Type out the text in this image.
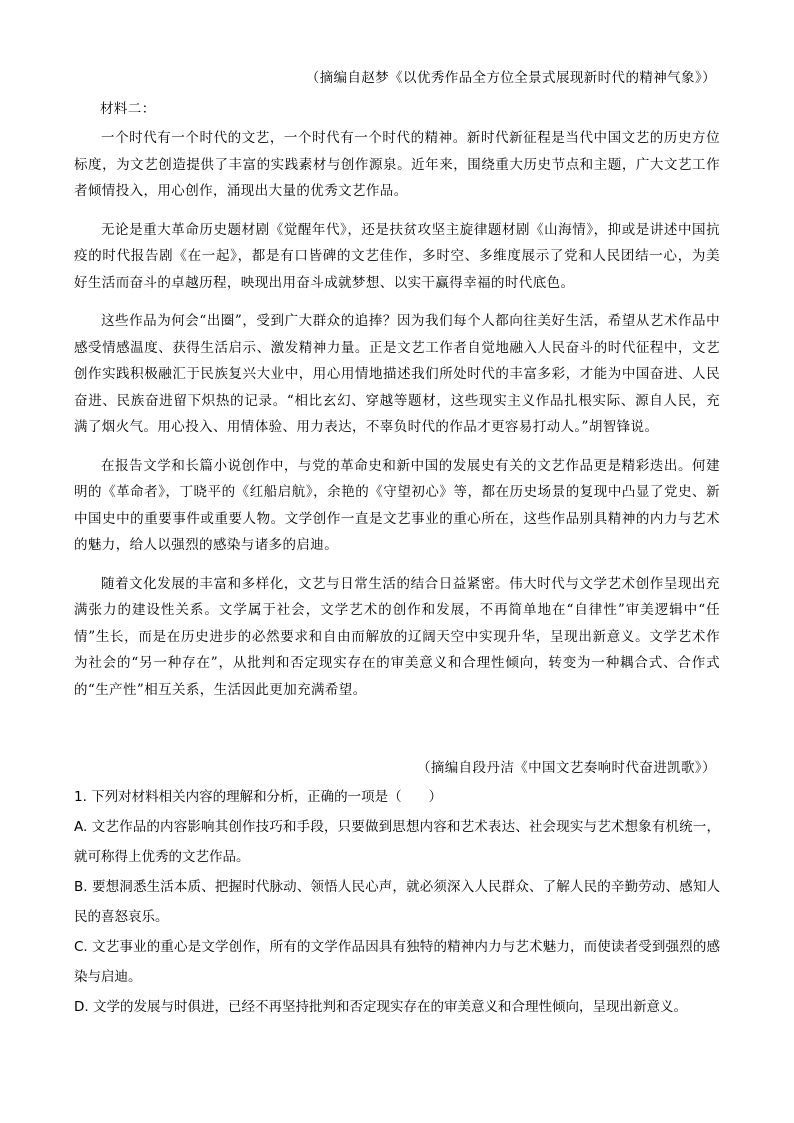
（摘编自赵梦《以优秀作品全方位全景式展现新时代的精神气象》）
材料二：

一个时代有一个时代的文艺，一个时代有一个时代的精神。新时代新征程是当代中国文艺的历史方位标度，为文艺创造提供了丰富的实践素材与创作源泉。近年来，围绕重大历史节点和主题，广大文艺工作者倾情投入，用心创作，涌现出大量的优秀文艺作品。

无论是重大革命历史题材剧《觉醒年代》，还是扶贫攻坚主旋律题材剧《山海情》，抑或是讲述中国抗疫的时代报告剧《在一起》，都是有口皆碑的文艺佳作，多时空、多维度展示了党和人民团结一心，为美好生活而奋斗的卓越历程，映现出用奋斗成就梦想、以实干赢得幸福的时代底色。

这些作品为何会“出圈”，受到广大群众的追捧？因为我们每个人都向往美好生活，希望从艺术作品中感受情感温度、获得生活启示、激发精神力量。正是文艺工作者自觉地融入人民奋斗的时代征程中，文艺创作实践积极融汇于民族复兴大业中，用心用情地描述我们所处时代的丰富多彩，才能为中国奋进、人民奋进、民族奋进留下炽热的记录。“相比玄幻、穿越等题材，这些现实主义作品扎根实际、源自人民，充满了烟火气。用心投入、用情体验、用力表达，不辜负时代的作品才更容易打动人。”胡智锋说。

在报告文学和长篇小说创作中，与党的革命史和新中国的发展史有关的文艺作品更是精彩迭出。何建明的《革命者》，丁晓平的《红船启航》，余艳的《守望初心》等，都在历史场景的复现中凸显了党史、新中国史中的重要事件或重要人物。文学创作一直是文艺事业的重心所在，这些作品别具精神的内力与艺术的魅力，给人以强烈的感染与诸多的启迪。

随着文化发展的丰富和多样化，文艺与日常生活的结合日益紧密。伟大时代与文学艺术创作呈现出充满张力的建设性关系。文学属于社会，文学艺术的创作和发展，不再简单地在“自律性”审美逻辑中“任情”生长，而是在历史进步的必然要求和自由而解放的辽阔天空中实现升华，呈现出新意义。文学艺术作为社会的“另一种存在”，从批判和否定现实存在的审美意义和合理性倾向，转变为一种耦合式、合作式的“生产性”相互关系，生活因此更加充满希望。

（摘编自段丹洁《中国文艺奏响时代奋进凯歌》）

1. 下列对材料相关内容的理解和分析，正确的一项是（　　）

A. 文艺作品的内容影响其创作技巧和手段，只要做到思想内容和艺术表达、社会现实与艺术想象有机统一，就可称得上优秀的文艺作品。

B. 要想洞悉生活本质、把握时代脉动、领悟人民心声，就必须深入人民群众、了解人民的辛勤劳动、感知人民的喜怒哀乐。

C. 文艺事业的重心是文学创作，所有的文学作品因具有独特的精神内力与艺术魅力，而使读者受到强烈的感染与启迪。

D. 文学的发展与时俱进，已经不再坚持批判和否定现实存在的审美意义和合理性倾向，呈现出新意义。
